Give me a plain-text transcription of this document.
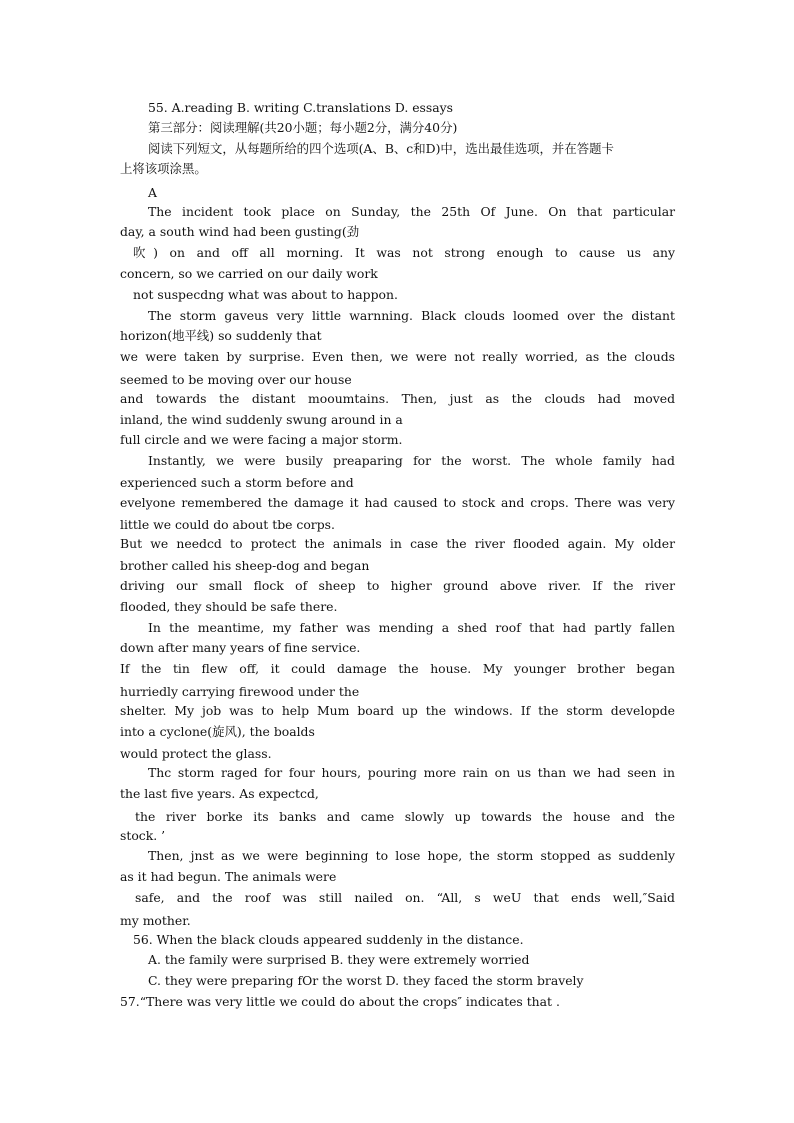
55. A.reading B. writing C.translations D. essays
第三部分：阅读理解(共20小题；每小题2分，满分40分)
阅读下列短文，从每题所给的四个选项(A、B、c和D)中，选出最佳选项，并在答题卡
上将该项涂黑。
A
The incident took place on Sunday, the 25th Of June. On that particular
day, a south wind had been gusting(劲
吹) on and off all morning. It was not strong enough to cause us any
concern, so we carried on our daily work
not suspecdng what was about to happon.
The storm gaveus very little warnning. Black clouds loomed over the distant
horizon(地平线) so suddenly that
we were taken by surprise. Even then, we were not really worried, as the clouds
seemed to be moving over our house
and towards the distant mooumtains. Then, just as the clouds had moved
inland, the wind suddenly swung around in a
full circle and we were facing a major storm.
Instantly, we were busily preaparing for the worst. The whole family had
experienced such a storm before and
evelyone remembered the damage it had caused to stock and crops. There was very
little we could do about tbe corps.
But we needcd to protect the animals in case the river flooded again. My older
brother called his sheep-dog and began
driving our small flock of sheep to higher ground above river. If the river
flooded, they should be safe there.
In the meantime, my father was mending a shed roof that had partly fallen
down after many years of fine service.
If the tin flew off, it could damage the house. My younger brother began
hurriedly carrying firewood under the
shelter. My job was to help Mum board up the windows. If the storm developde
into a cyclone(旋风), the boalds
would protect the glass.
Thc storm raged for four hours, pouring more rain on us than we had seen in
the last five years. As expectcd,
the river borke its banks and came slowly up towards the house and the
stock. ’
Then, jnst as we were beginning to lose hope, the storm stopped as suddenly
as it had begun. The animals were
safe, and the roof was still nailed on. “All, s weU that ends well,″Said
my mother.
56. When the black clouds appeared suddenly in the distance.
A. the family were surprised B. they were extremely worried
C. they were preparing fOr the worst D. they faced the storm bravely
57.“There was very little we could do about the crops″ indicates that .
